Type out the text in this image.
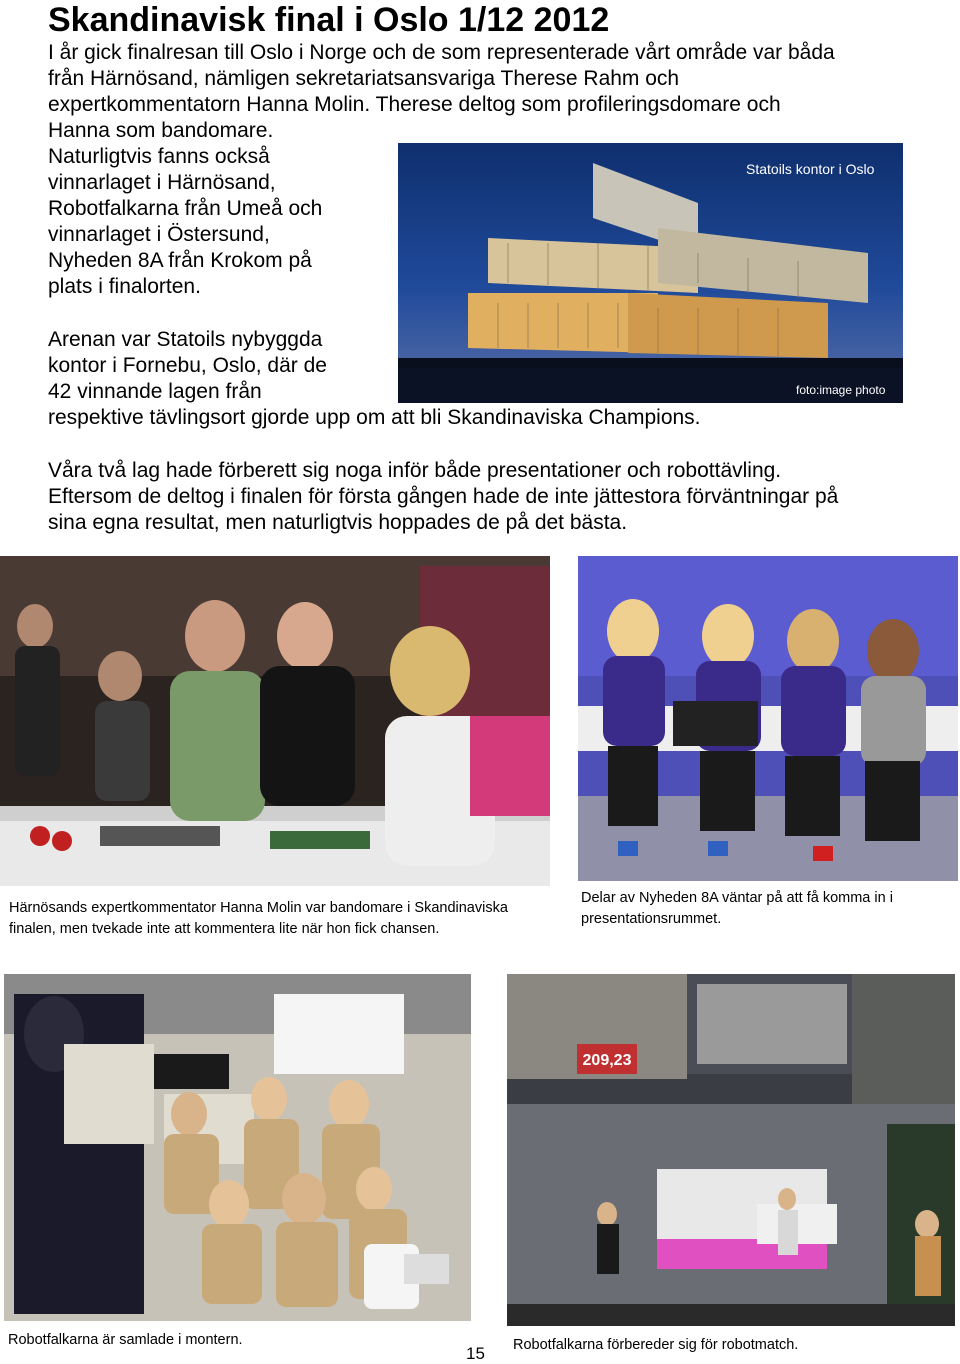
Skandinavisk final i Oslo 1/12 2012

I år gick finalresan till Oslo i Norge och de som representerade vårt område var båda
från Härnösand, nämligen sekretariatsansvariga Therese Rahm och
expertkommentatorn Hanna Molin. Therese deltog som profileringsdomare och
Hanna som bandomare.

Naturligtvis fanns också
vinnarlaget i Härnösand,
Robotfalkarna från Umeå och
vinnarlaget i Östersund,
Nyheden 8A från Krokom på
plats i finalorten.

Arenan var Statoils nybyggda
kontor i Fornebu, Oslo, där de
42 vinnande lagen från
respektive tävlingsort gjorde upp om att bli Skandinaviska Champions.

Våra två lag hade förberett sig noga inför både presentationer och robottävling.
Eftersom de deltog i finalen för första gången hade de inte jättestora förväntningar på
sina egna resultat, men naturligtvis hoppades de på det bästa.

Statoils kontor i Oslo
foto:image photo

Härnösands expertkommentator Hanna Molin var bandomare i Skandinaviska
finalen, men tvekade inte att kommentera lite när hon fick chansen.

Delar av Nyheden 8A väntar på att få komma in i
presentationsrummet.

209,23

Robotfalkarna är samlade i montern.	Robotfalkarna förbereder sig för robotmatch.

15
